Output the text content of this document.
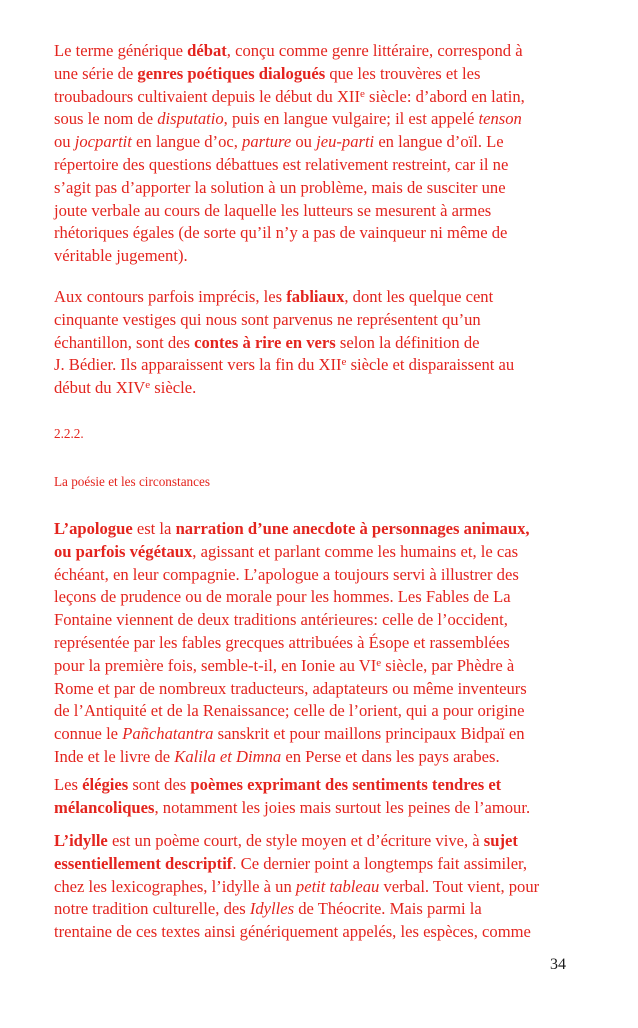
Le terme générique débat, conçu comme genre littéraire, correspond à
une série de genres poétiques dialogués que les trouvères et les
troubadours cultivaient depuis le début du XIIe siècle: d’abord en latin,
sous le nom de disputatio, puis en langue vulgaire; il est appelé tenson
ou jocpartit en langue d’oc, parture ou jeu-parti en langue d’oïl. Le
répertoire des questions débattues est relativement restreint, car il ne
s’agit pas d’apporter la solution à un problème, mais de susciter une
joute verbale au cours de laquelle les lutteurs se mesurent à armes
rhétoriques égales (de sorte qu’il n’y a pas de vainqueur ni même de
véritable jugement).
Aux contours parfois imprécis, les fabliaux, dont les quelque cent
cinquante vestiges qui nous sont parvenus ne représentent qu’un
échantillon, sont des contes à rire en vers selon la définition de
J. Bédier. Ils apparaissent vers la fin du XIIe siècle et disparaissent au
début du XIVe siècle.

2.2.2.

La poésie et les circonstances

L’apologue est la narration d’une anecdote à personnages animaux,
ou parfois végétaux, agissant et parlant comme les humains et, le cas
échéant, en leur compagnie. L’apologue a toujours servi à illustrer des
leçons de prudence ou de morale pour les hommes. Les Fables de La
Fontaine viennent de deux traditions antérieures: celle de l’occident,
représentée par les fables grecques attribuées à Ésope et rassemblées
pour la première fois, semble-t-il, en Ionie au VIe siècle, par Phèdre à
Rome et par de nombreux traducteurs, adaptateurs ou même inventeurs
de l’Antiquité et de la Renaissance; celle de l’orient, qui a pour origine
connue le Pañchatantra sanskrit et pour maillons principaux Bidpaï en
Inde et le livre de Kalila et Dimna en Perse et dans les pays arabes.
Les élégies sont des poèmes exprimant des sentiments tendres et
mélancoliques, notamment les joies mais surtout les peines de l’amour.
L’idylle est un poème court, de style moyen et d’écriture vive, à sujet
essentiellement descriptif. Ce dernier point a longtemps fait assimiler,
chez les lexicographes, l’idylle à un petit tableau verbal. Tout vient, pour
notre tradition culturelle, des Idylles de Théocrite. Mais parmi la
trentaine de ces textes ainsi génériquement appelés, les espèces, comme

34
